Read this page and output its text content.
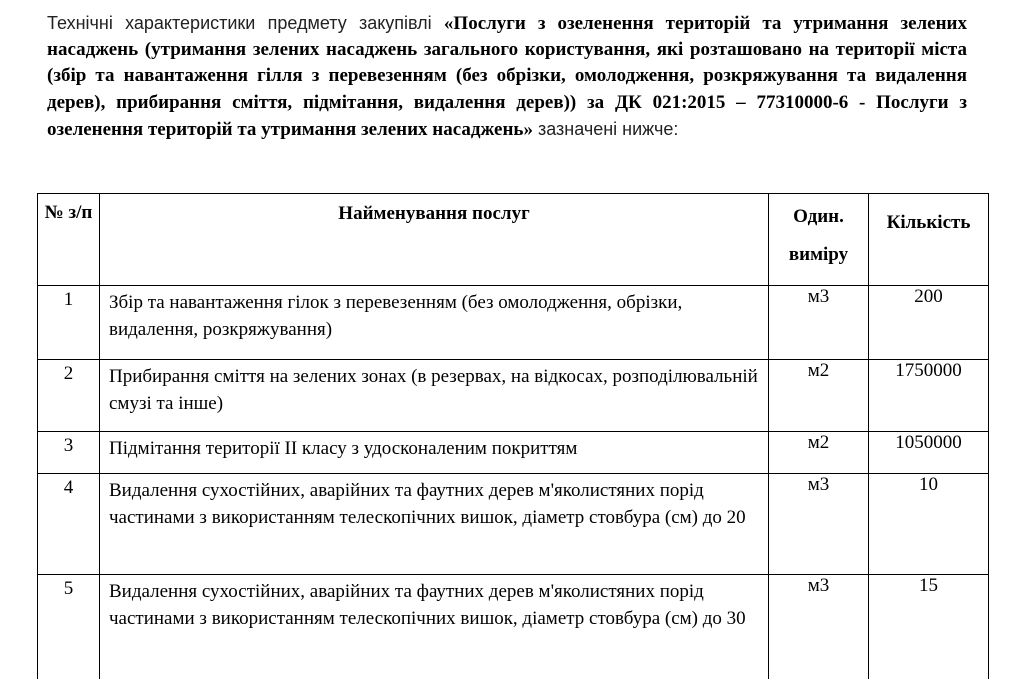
Технічні характеристики предмету закупівлі «Послуги з озеленення територій та утримання зелених насаджень (утримання зелених насаджень загального користування, які розташовано на території міста (збір та навантаження гілля з перевезенням (без обрізки, омолодження, розкряжування та видалення дерев), прибирання сміття, підмітання, видалення дерев)) за ДК 021:2015 – 77310000-6 - Послуги з озеленення територій та утримання зелених насаджень» зазначені нижче:
№ з/п	Найменування послуг	Один. виміру	Кількість
1	Збір та навантаження гілок з перевезенням (без омолодження, обрізки, видалення, розкряжування)	м3	200
2	Прибирання сміття на зелених зонах (в резервах, на відкосах, розподілювальній смузі та інше)	м2	1750000
3	Підмітання території ІІ класу з удосконаленим покриттям	м2	1050000
4	Видалення сухостійних, аварійних та фаутних дерев м'яколистяних порід частинами з використанням телескопічних вишок, діаметр стовбура (см) до 20	м3	10
5	Видалення сухостійних, аварійних та фаутних дерев м'яколистяних порід частинами з використанням телескопічних вишок, діаметр стовбура (см) до 30	м3	15
